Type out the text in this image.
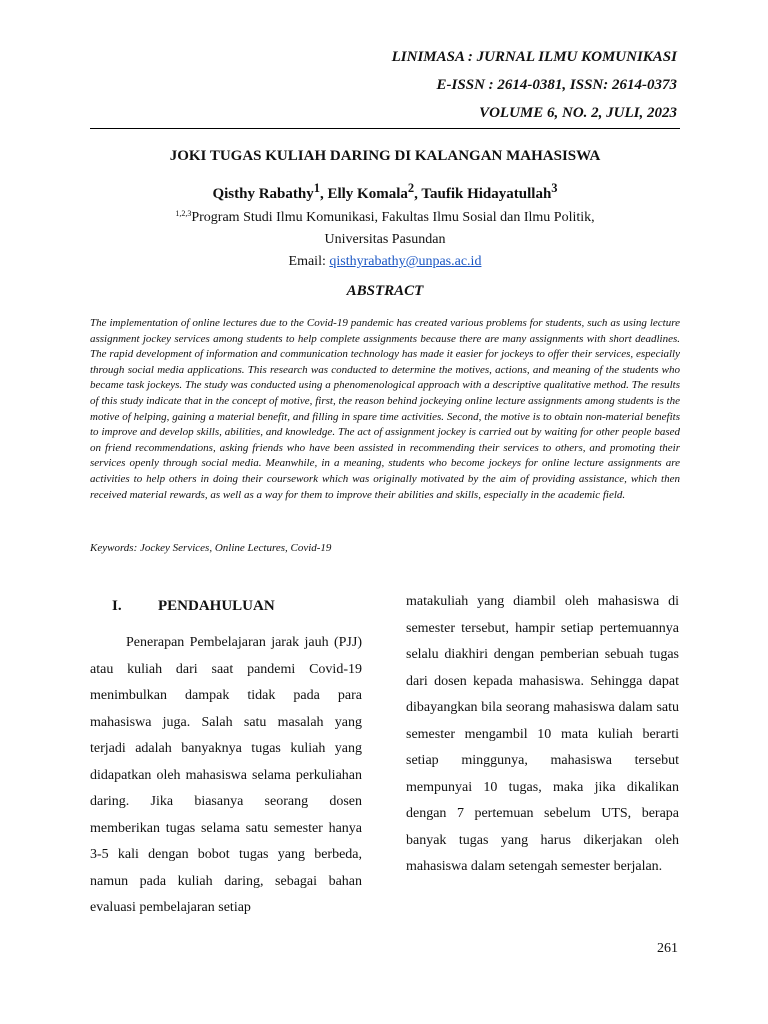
LINIMASA : JURNAL ILMU KOMUNIKASI
E-ISSN : 2614-0381, ISSN: 2614-0373
VOLUME 6, NO. 2, JULI, 2023
JOKI TUGAS KULIAH DARING DI KALANGAN MAHASISWA
Qisthy Rabathy$^1$, Elly Komala$^2$, Taufik Hidayatullah$^3$
$^{1,2,3}$Program Studi Ilmu Komunikasi, Fakultas Ilmu Sosial dan Ilmu Politik,
Universitas Pasundan
Email: qisthyrabathy@unpas.ac.id
ABSTRACT
The implementation of online lectures due to the Covid-19 pandemic has created various problems for students, such as using lecture assignment jockey services among students to help complete assignments because there are many assignments with short deadlines. The rapid development of information and communication technology has made it easier for jockeys to offer their services, especially through social media applications. This research was conducted to determine the motives, actions, and meaning of the students who became task jockeys. The study was conducted using a phenomenological approach with a descriptive qualitative method. The results of this study indicate that in the concept of motive, first, the reason behind jockeying online lecture assignments among students is the motive of helping, gaining a material benefit, and filling in spare time activities. Second, the motive is to obtain non-material benefits to improve and develop skills, abilities, and knowledge. The act of assignment jockey is carried out by waiting for other people based on friend recommendations, asking friends who have been assisted in recommending their services to others, and promoting their services openly through social media. Meanwhile, in a meaning, students who become jockeys for online lecture assignments are activities to help others in doing their coursework which was originally motivated by the aim of providing assistance, which then received material rewards, as well as a way for them to improve their abilities and skills, especially in the academic field.
Keywords: Jockey Services, Online Lectures, Covid-19
I. PENDAHULUAN

Penerapan Pembelajaran jarak jauh (PJJ) atau kuliah dari saat pandemi Covid-19 menimbulkan dampak tidak pada para mahasiswa juga. Salah satu masalah yang terjadi adalah banyaknya tugas kuliah yang didapatkan oleh mahasiswa selama perkuliahan daring. Jika biasanya seorang dosen memberikan tugas selama satu semester hanya 3-5 kali dengan bobot tugas yang berbeda, namun pada kuliah daring, sebagai bahan evaluasi pembelajaran setiap

matakuliah yang diambil oleh mahasiswa di semester tersebut, hampir setiap pertemuannya selalu diakhiri dengan pemberian sebuah tugas dari dosen kepada mahasiswa. Sehingga dapat dibayangkan bila seorang mahasiswa dalam satu semester mengambil 10 mata kuliah berarti setiap minggunya, mahasiswa tersebut mempunyai 10 tugas, maka jika dikalikan dengan 7 pertemuan sebelum UTS, berapa banyak tugas yang harus dikerjakan oleh mahasiswa dalam setengah semester berjalan.

261
